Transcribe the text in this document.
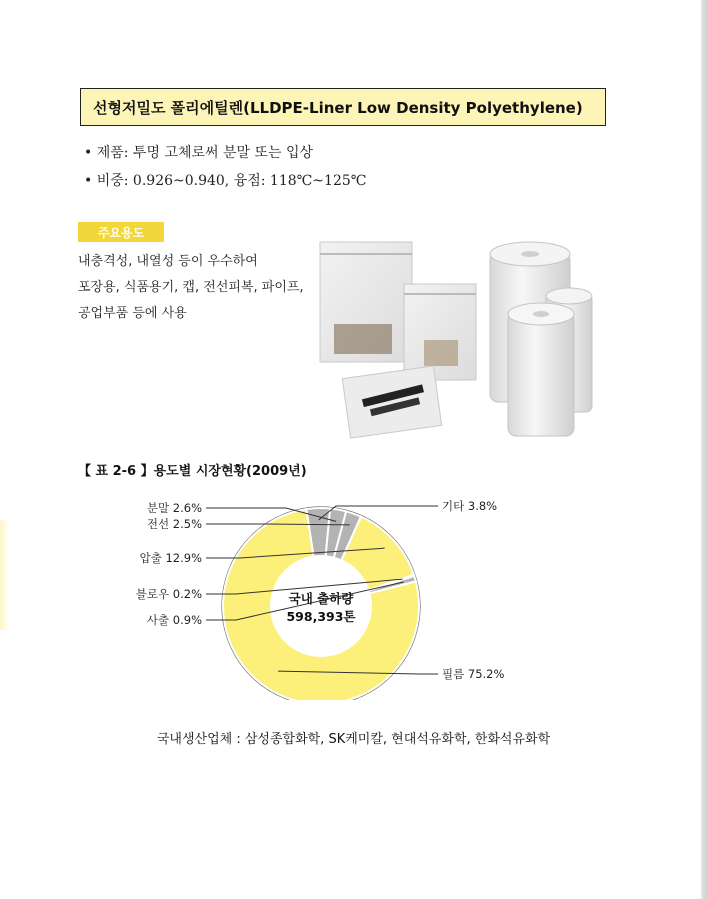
선형저밀도 폴리에틸렌(LLDPE-Liner Low Density Polyethylene)
• 제품: 투명 고체로써 분말 또는 입상
• 비중: 0.926~0.940, 융점: 118℃~125℃
주요용도
내충격성, 내열성 등이 우수하여
포장용, 식품용기, 캡, 전선피복, 파이프,
공업부품 등에 사용
【 표 2-6 】용도별 시장현황(2009년)
기타 3.8%
분말 2.6%
전선 2.5%
압출 12.9%
블로우 0.2%
사출 0.9%
필름 75.2%
국내 출하량
598,393톤
국내생산업체 : 삼성종합화학, SK케미칼, 현대석유화학, 한화석유화학
